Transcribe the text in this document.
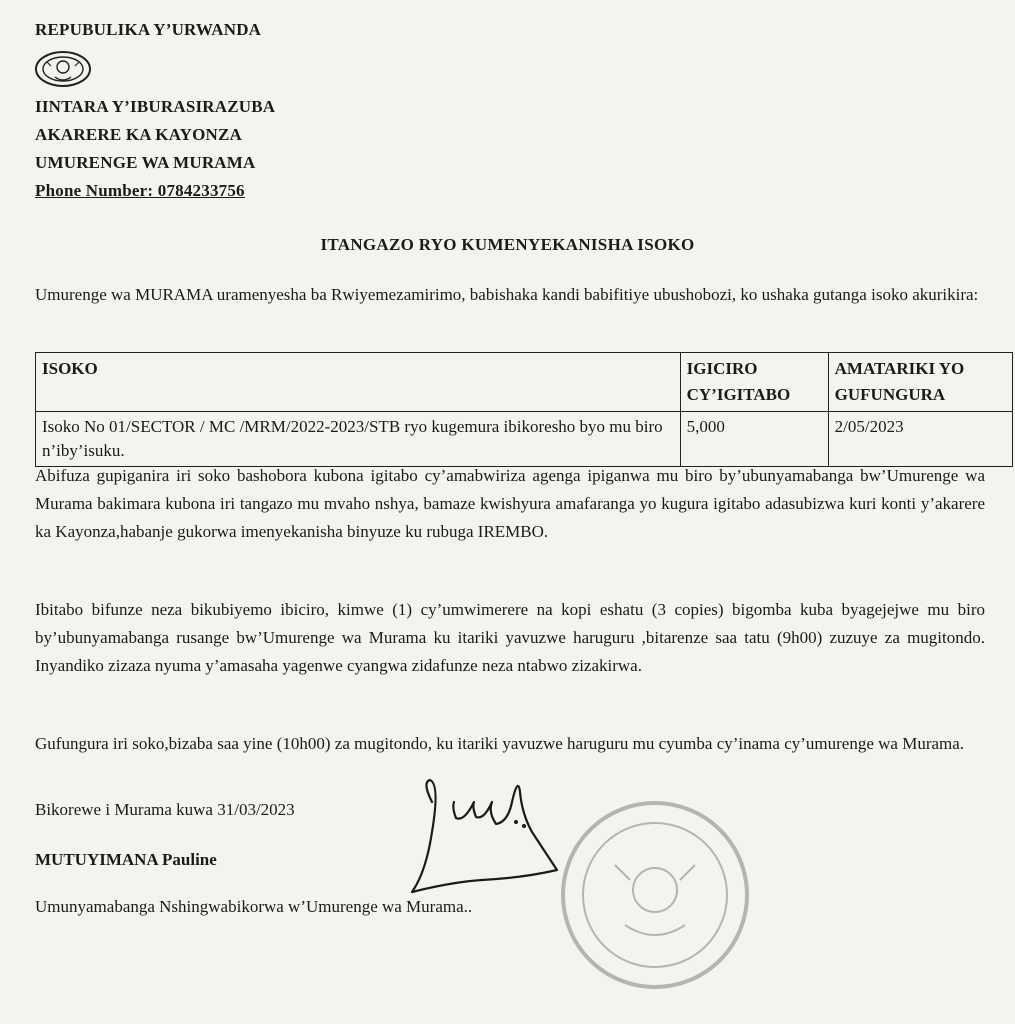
REPUBULIKA Y’URWANDA
IINTARA Y’IBURASIRAZUBA
AKARERE KA KAYONZA
UMURENGE WA MURAMA
Phone Number: 0784233756
ITANGAZO RYO KUMENYEKANISHA ISOKO
Umurenge wa MURAMA uramenyesha ba Rwiyemezamirimo, babishaka kandi babifitiye ubushobozi, ko ushaka gutanga isoko akurikira:
ISOKO	IGICIRO CY’IGITABO	AMATARIKI YO GUFUNGURA
Isoko No 01/SECTOR / MC /MRM/2022-2023/STB ryo kugemura ibikoresho byo mu biro n’iby’isuku.	5,000	2/05/2023
Abifuza gupiganira iri soko bashobora kubona igitabo cy’amabwiriza agenga ipiganwa mu biro by’ubunyamabanga bw’Umurenge wa Murama bakimara kubona iri tangazo mu mvaho nshya, bamaze kwishyura amafaranga yo kugura igitabo adasubizwa kuri konti y’akarere ka Kayonza,habanje gukorwa imenyekanisha binyuze ku rubuga IREMBO.
Ibitabo bifunze neza bikubiyemo ibiciro, kimwe (1) cy’umwimerere na kopi eshatu (3 copies) bigomba kuba byagejejwe mu biro by’ubunyamabanga rusange bw’Umurenge wa Murama ku itariki yavuzwe haruguru ,bitarenze saa tatu (9h00) zuzuye za mugitondo. Inyandiko zizaza nyuma y’amasaha yagenwe cyangwa zidafunze neza ntabwo zizakirwa.
Gufungura iri soko,bizaba saa yine (10h00) za mugitondo, ku itariki yavuzwe haruguru mu cyumba cy’inama cy’umurenge wa Murama.
Bikorewe i Murama kuwa 31/03/2023
MUTUYIMANA Pauline
Umunyamabanga Nshingwabikorwa w’Umurenge wa Murama..
